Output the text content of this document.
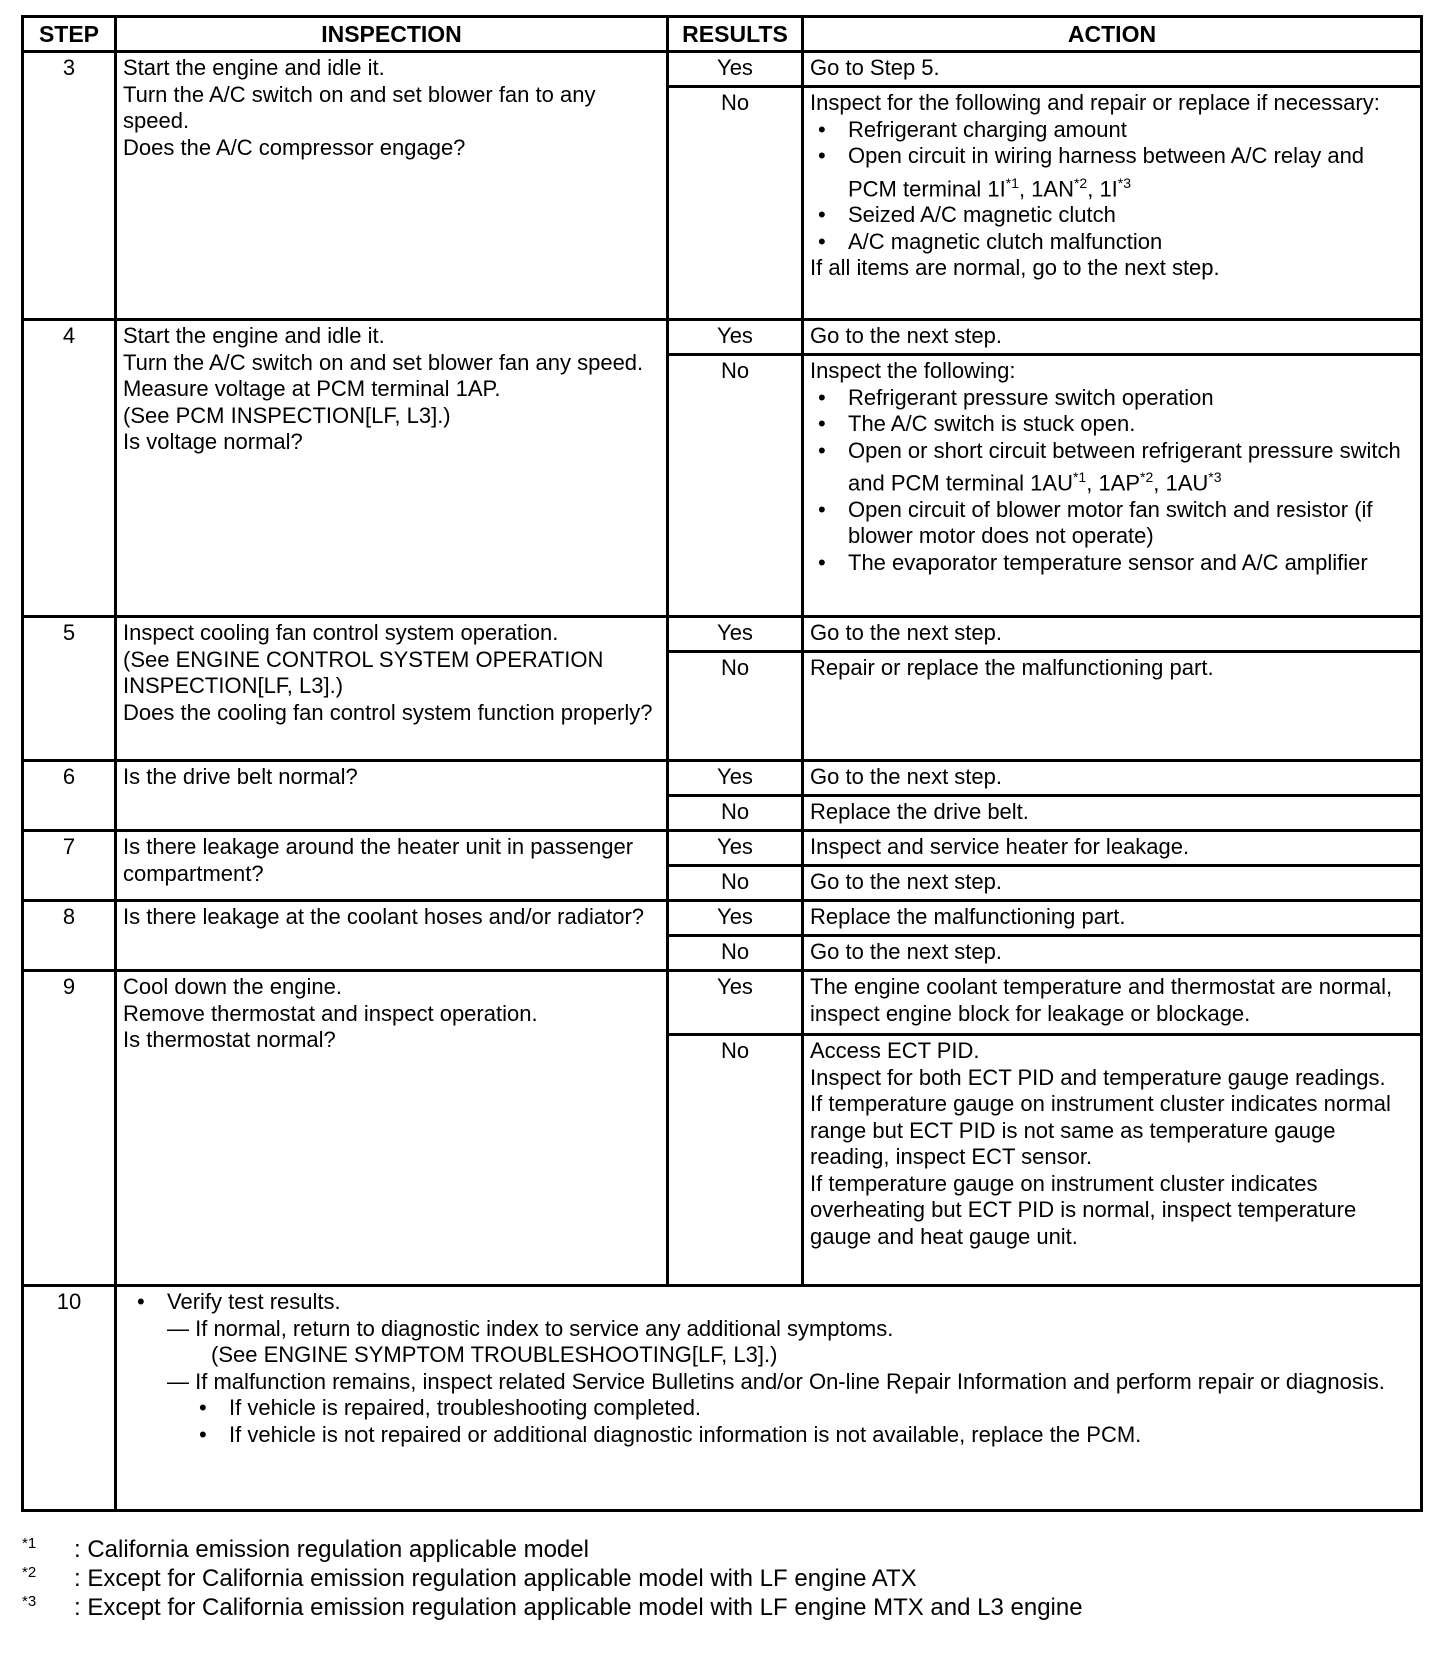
STEP	INSPECTION	RESULTS	ACTION
3	Start the engine and idle it.
Turn the A/C switch on and set blower fan to any speed.
Does the A/C compressor engage?
Yes	Go to Step 5.
No	Inspect for the following and repair or replace if necessary:
• Refrigerant charging amount
• Open circuit in wiring harness between A/C relay and PCM terminal $1I^{*1}$, 1AN$^{*2}$, $1I^{*3}$
• Seized A/C magnetic clutch
• A/C magnetic clutch malfunction
If all items are normal, go to the next step.
4	Start the engine and idle it.
Turn the A/C switch on and set blower fan any speed.
Measure voltage at PCM terminal 1AP.
(See PCM INSPECTION[LF, L3].)
Is voltage normal?
Yes	Go to the next step.
No	Inspect the following:
• Refrigerant pressure switch operation
• The A/C switch is stuck open.
• Open or short circuit between refrigerant pressure switch and PCM terminal 1AU$^{*1}$, 1AP$^{*2}$, 1AU$^{*3}$
• Open circuit of blower motor fan switch and resistor (if blower motor does not operate)
• The evaporator temperature sensor and A/C amplifier
5	Inspect cooling fan control system operation.
(See ENGINE CONTROL SYSTEM OPERATION INSPECTION[LF, L3].)
Does the cooling fan control system function properly?
Yes	Go to the next step.
No	Repair or replace the malfunctioning part.
6	Is the drive belt normal?	Yes	Go to the next step.
No	Replace the drive belt.
7	Is there leakage around the heater unit in passenger compartment?
Yes	Inspect and service heater for leakage.
No	Go to the next step.
8	Is there leakage at the coolant hoses and/or radiator?	Yes	Replace the malfunctioning part.
No	Go to the next step.
9	Cool down the engine.
Remove thermostat and inspect operation.
Is thermostat normal?
Yes	The engine coolant temperature and thermostat are normal, inspect engine block for leakage or blockage.
No	Access ECT PID.
Inspect for both ECT PID and temperature gauge readings.
If temperature gauge on instrument cluster indicates normal range but ECT PID is not same as temperature gauge reading, inspect ECT sensor.
If temperature gauge on instrument cluster indicates overheating but ECT PID is normal, inspect temperature gauge and heat gauge unit.
10	• Verify test results.
— If normal, return to diagnostic index to service any additional symptoms.
(See ENGINE SYMPTOM TROUBLESHOOTING[LF, L3].)
— If malfunction remains, inspect related Service Bulletins and/or On-line Repair Information and perform repair or diagnosis.
• If vehicle is repaired, troubleshooting completed.
• If vehicle is not repaired or additional diagnostic information is not available, replace the PCM.
*1	: California emission regulation applicable model
*2	: Except for California emission regulation applicable model with LF engine ATX
*3	: Except for California emission regulation applicable model with LF engine MTX and L3 engine
